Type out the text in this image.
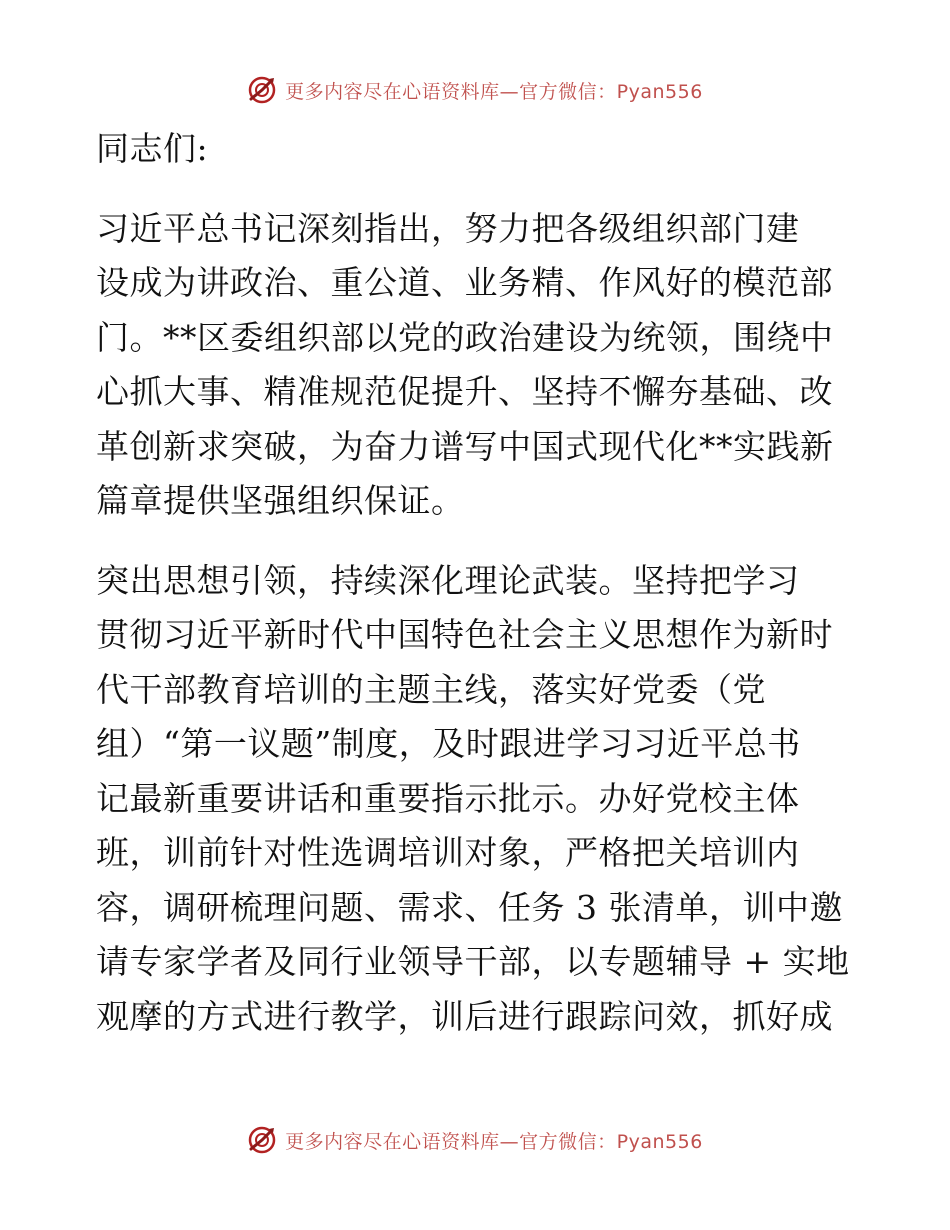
更多内容尽在心语资料库—官方微信：Pyan556

同志们:

习近平总书记深刻指出，努力把各级组织部门建

设成为讲政治、重公道、业务精、作风好的模范部

门。**区委组织部以党的政治建设为统领，围绕中

心抓大事、精准规范促提升、坚持不懈夯基础、改

革创新求突破，为奋力谱写中国式现代化**实践新

篇章提供坚强组织保证。

突出思想引领，持续深化理论武装。坚持把学习

贯彻习近平新时代中国特色社会主义思想作为新时

代干部教育培训的主题主线，落实好党委（党

组）“第一议题”制度，及时跟进学习习近平总书

记最新重要讲话和重要指示批示。办好党校主体

班，训前针对性选调培训对象，严格把关培训内

容，调研梳理问题、需求、任务 3 张清单，训中邀

请专家学者及同行业领导干部，以专题辅导 + 实地

观摩的方式进行教学，训后进行跟踪问效，抓好成

更多内容尽在心语资料库—官方微信：Pyan556
